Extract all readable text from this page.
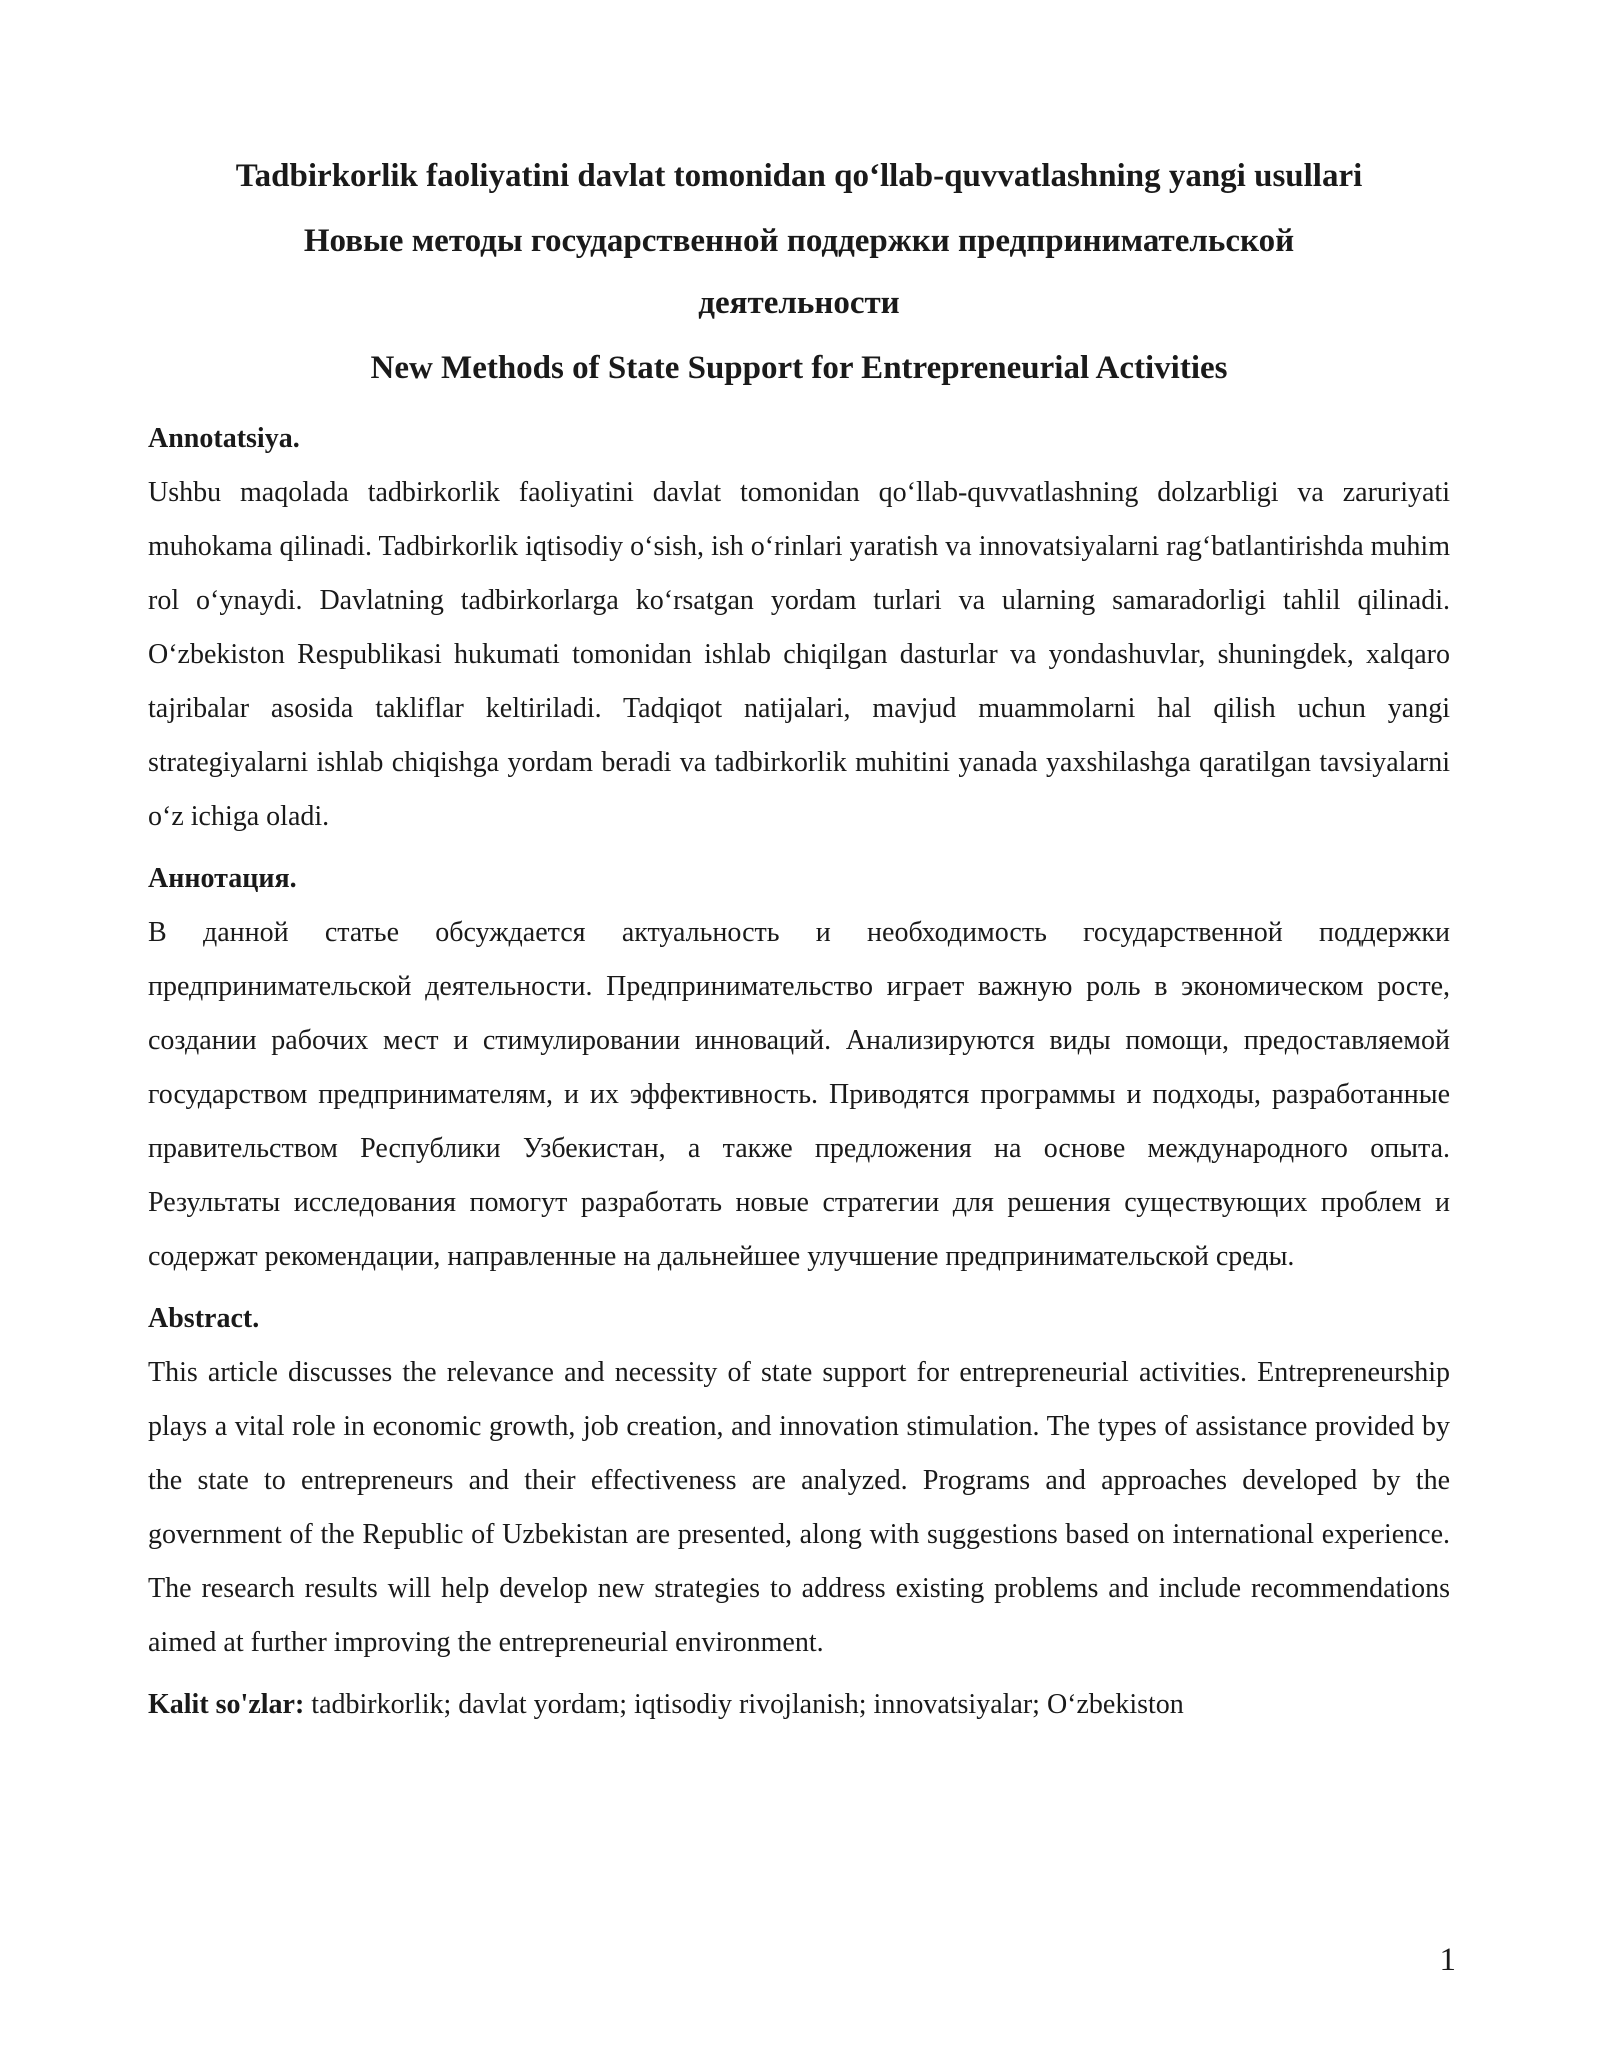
Tadbirkorlik faoliyatini davlat tomonidan qo‘llab-quvvatlashning yangi usullari
Новые методы государственной поддержки предпринимательской деятельности
New Methods of State Support for Entrepreneurial Activities
Annotatsiya.
Ushbu maqolada tadbirkorlik faoliyatini davlat tomonidan qo‘llab-quvvatlashning dolzarbligi va zaruriyati muhokama qilinadi. Tadbirkorlik iqtisodiy o‘sish, ish o‘rinlari yaratish va innovatsiyalarni rag‘batlantirishda muhim rol o‘ynaydi. Davlatning tadbirkorlarga ko‘rsatgan yordam turlari va ularning samaradorligi tahlil qilinadi. O‘zbekiston Respublikasi hukumati tomonidan ishlab chiqilgan dasturlar va yondashuvlar, shuningdek, xalqaro tajribalar asosida takliflar keltiriladi. Tadqiqot natijalari, mavjud muammolarni hal qilish uchun yangi strategiyalarni ishlab chiqishga yordam beradi va tadbirkorlik muhitini yanada yaxshilashga qaratilgan tavsiyalarni o‘z ichiga oladi.
Аннотация.
В данной статье обсуждается актуальность и необходимость государственной поддержки предпринимательской деятельности. Предпринимательство играет важную роль в экономическом росте, создании рабочих мест и стимулировании инноваций. Анализируются виды помощи, предоставляемой государством предпринимателям, и их эффективность. Приводятся программы и подходы, разработанные правительством Республики Узбекистан, а также предложения на основе международного опыта. Результаты исследования помогут разработать новые стратегии для решения существующих проблем и содержат рекомендации, направленные на дальнейшее улучшение предпринимательской среды.
Abstract.
This article discusses the relevance and necessity of state support for entrepreneurial activities. Entrepreneurship plays a vital role in economic growth, job creation, and innovation stimulation. The types of assistance provided by the state to entrepreneurs and their effectiveness are analyzed. Programs and approaches developed by the government of the Republic of Uzbekistan are presented, along with suggestions based on international experience. The research results will help develop new strategies to address existing problems and include recommendations aimed at further improving the entrepreneurial environment.
Kalit so'zlar: tadbirkorlik; davlat yordam; iqtisodiy rivojlanish; innovatsiyalar; O‘zbekiston
1
